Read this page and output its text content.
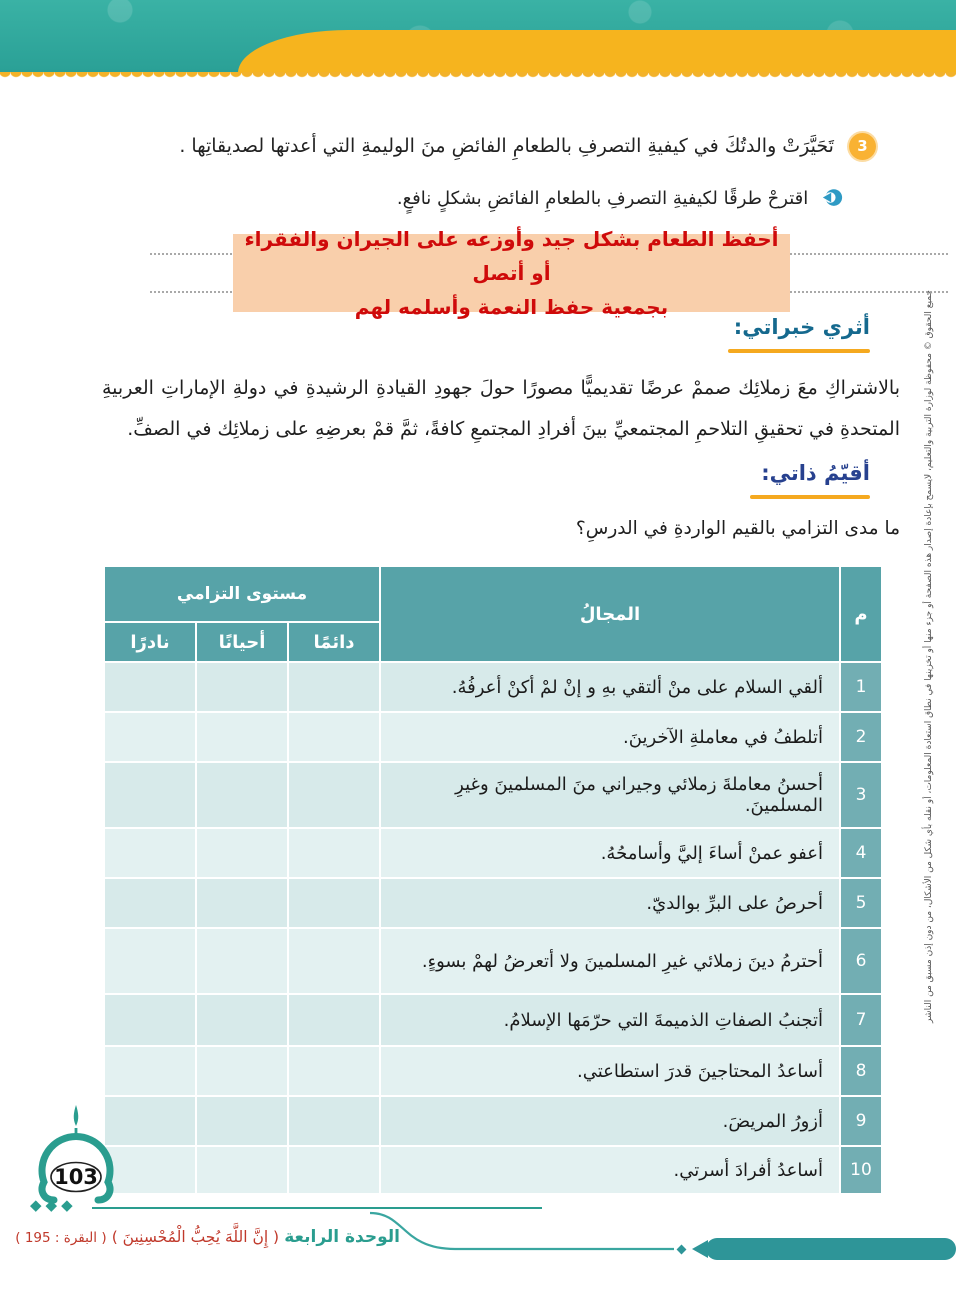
3 تَحَيَّرَتْ والدتُكَ في كيفيةِ التصرفِ بالطعامِ الفائضِ منَ الوليمةِ التي أعدتها لصديقاتِها .
اقترحْ طرقًا لكيفيةِ التصرفِ بالطعامِ الفائضِ بشكلٍ نافعٍ.
أحفظ الطعام بشكل جيد وأوزعه على الجيران والفقراء أو أتصل
بجمعية حفظ النعمة وأسلمه لهم
أثري خبراتي:
بالاشتراكِ معَ زملائِك صممْ عرضًا تقديميًّا مصورًا حولَ جهودِ القيادةِ الرشيدةِ في دولةِ الإماراتِ العربيةِ المتحدةِ في تحقيقِ التلاحمِ المجتمعيِّ بينَ أفرادِ المجتمعِ كافةً، ثمَّ قمْ بعرضِهِ على زملائِك في الصفِّ.
أقيّمُ ذاتي:
ما مدى التزامي بالقيم الواردةِ في الدرسِ؟
م	المجالُ	مستوى التزامي		
		دائمًا	أحيانًا	نادرًا
1	ألقي السلام على منْ ألتقي بهِ و إنْ لمْ أكنْ أعرفُهُ.			
2	أتلطفُ في معاملةِ الآخرينَ.			
3	أحسنُ معاملةَ زملائي وجيراني منَ المسلمينَ وغيرِ المسلمينَ.			
4	أعفو عمنْ أساءَ إليَّ وأسامحُهُ.			
5	أحرصُ على البرِّ بوالديّ.			
6	أحترمُ دينَ زملائي غيرِ المسلمينَ ولا أتعرضُ لهمْ بسوءٍ.			
7	أتجنبُ الصفاتِ الذميمةَ التي حرّمَها الإسلامُ.			
8	أساعدُ المحتاجينَ قدرَ استطاعتي.			
9	أزورُ المريضَ.			
10	أساعدُ أفرادَ أسرتي.			
جميع الحقوق © محفوظة لوزارة التربية والتعليم، لايسمح بإعادة إصدار هذه الصفحة أو جزء منها أو تخزينها في نطاق استعادة المعلومات، أو نقله بأي شكل من الأشكال، من دون إذن مسبق من الناشر
103
◆◆◆
الوحدة الرابعة ( إِنَّ اللَّهَ يُحِبُّ الْمُحْسِنِينَ ) ( البقرة : 195 )
